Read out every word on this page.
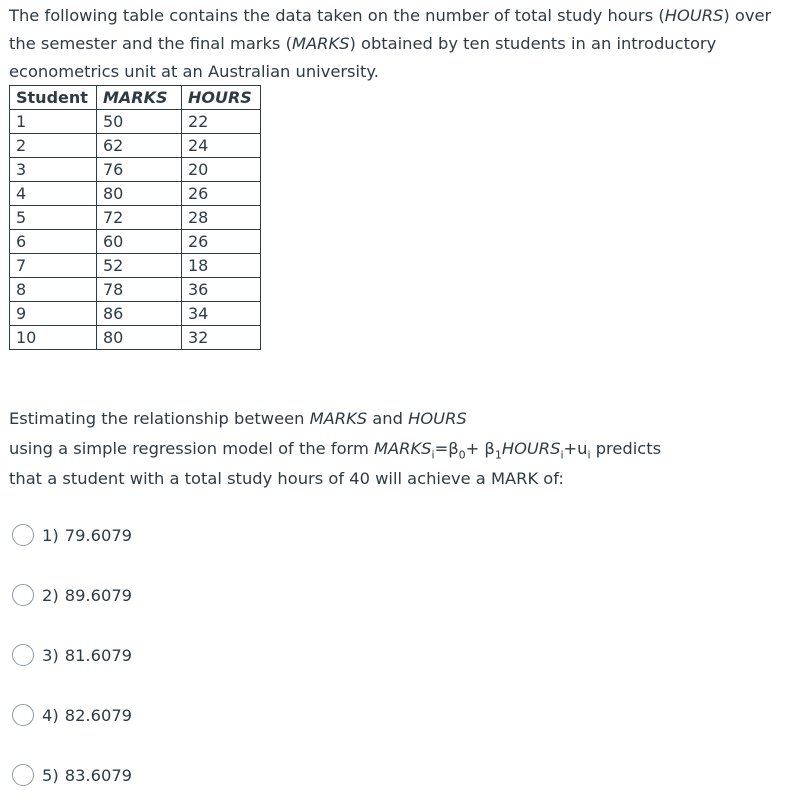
The following table contains the data taken on the number of total study hours (HOURS) over the semester and the final marks (MARKS) obtained by ten students in an introductory econometrics unit at an Australian university.

Student	MARKS	HOURS
1	50	22
2	62	24
3	76	20
4	80	26
5	72	28
6	60	26
7	52	18
8	78	36
9	86	34
10	80	32
Estimating the relationship between MARKS and HOURS
using a simple regression model of the form $MARKS_i=\beta_0+$ $\beta_1HOURS_i+u_i$ predicts
that a student with a total study hours of 40 will achieve a MARK of:
1) 79.6079
2) 89.6079
3) 81.6079
4) 82.6079
5) 83.6079
